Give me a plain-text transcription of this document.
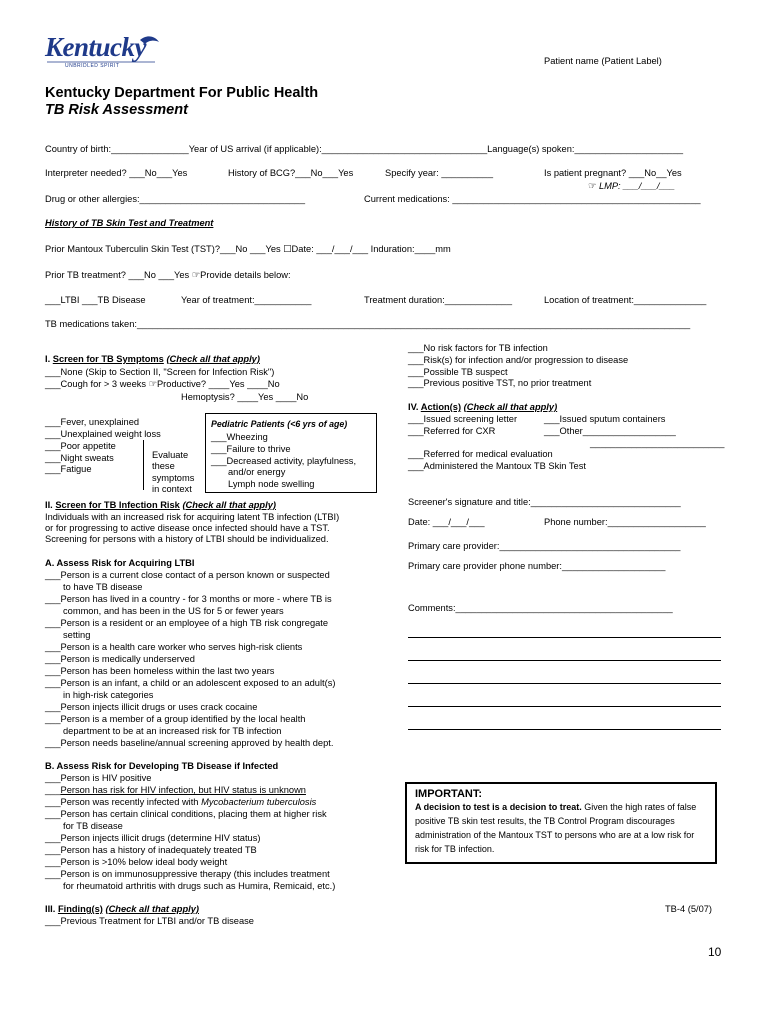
Kentucky
UNBRIDLED SPIRIT	Patient name (Patient Label)
Kentucky Department For Public Health
TB Risk Assessment
Country of birth:_______________Year of US arrival (if applicable):________________________________Language(s) spoken:_____________________
Interpreter needed? ___No___Yes	History of BCG?___No___Yes	Specify year: __________	Is patient pregnant? ___No__Yes
☞ LMP: ___/___/___
Drug or other allergies:________________________________	Current medications: ________________________________________________
History of TB Skin Test and Treatment
Prior Mantoux Tuberculin Skin Test (TST)?___No ___Yes ☐Date: ___/___/___ Induration:____mm
Prior TB treatment? ___No ___Yes ☞Provide details below:
___LTBI ___TB Disease	Year of treatment:___________	Treatment duration:_____________	Location of treatment:______________
TB medications taken:___________________________________________________________________________________________________________
I. Screen for TB Symptoms (Check all that apply)
___None (Skip to Section II, "Screen for Infection Risk")
___Cough for > 3 weeks ☞Productive? ____Yes ____No
Hemoptysis? ____Yes ____No
___Fever, unexplained
___Unexplained weight loss
___Poor appetite
___Night sweats
___Fatigue
Evaluate
these
symptoms
in context
Pediatric Patients (<6 yrs of age)
___Wheezing
___Failure to thrive
___Decreased activity, playfulness,
and/or energy
Lymph node swelling
II. Screen for TB Infection Risk (Check all that apply)
Individuals with an increased risk for acquiring latent TB infection (LTBI)
or for progressing to active disease once infected should have a TST.
Screening for persons with a history of LTBI should be individualized.
A. Assess Risk for Acquiring LTBI
___Person is a current close contact of a person known or suspected
to have TB disease
___Person has lived in a country - for 3 months or more - where TB is
common, and has been in the US for 5 or fewer years
___Person is a resident or an employee of a high TB risk congregate
setting
___Person is a health care worker who serves high-risk clients
___Person is medically underserved
___Person has been homeless within the last two years
___Person is an infant, a child or an adolescent exposed to an adult(s)
in high-risk categories
___Person injects illicit drugs or uses crack cocaine
___Person is a member of a group identified by the local health
department to be at an increased risk for TB infection
___Person needs baseline/annual screening approved by health dept.
B. Assess Risk for Developing TB Disease if Infected
___Person is HIV positive
___Person has risk for HIV infection, but HIV status is unknown
___Person was recently infected with Mycobacterium tuberculosis
___Person has certain clinical conditions, placing them at higher risk
for TB disease
___Person injects illicit drugs (determine HIV status)
___Person has a history of inadequately treated TB
___Person is >10% below ideal body weight
___Person is on immunosuppressive therapy (this includes treatment
for rheumatoid arthritis with drugs such as Humira, Remicaid, etc.)
III. Finding(s) (Check all that apply)
___Previous Treatment for LTBI and/or TB disease
___No risk factors for TB infection
___Risk(s) for infection and/or progression to disease
___Possible TB suspect
___Previous positive TST, no prior treatment
IV. Action(s) (Check all that apply)
___Issued screening letter	___Issued sputum containers
___Referred for CXR	___Other__________________
__________________________
___Referred for medical evaluation
___Administered the Mantoux TB Skin Test
Screener's signature and title:_____________________________
Date: ___/___/___	Phone number:___________________
Primary care provider:___________________________________
Primary care provider phone number:____________________
Comments:__________________________________________
IMPORTANT:
A decision to test is a decision to treat. Given the high rates of false positive TB skin test results, the TB Control Program discourages administration of the Mantoux TST to persons who are at a low risk for risk for TB infection.
TB-4 (5/07)
10
